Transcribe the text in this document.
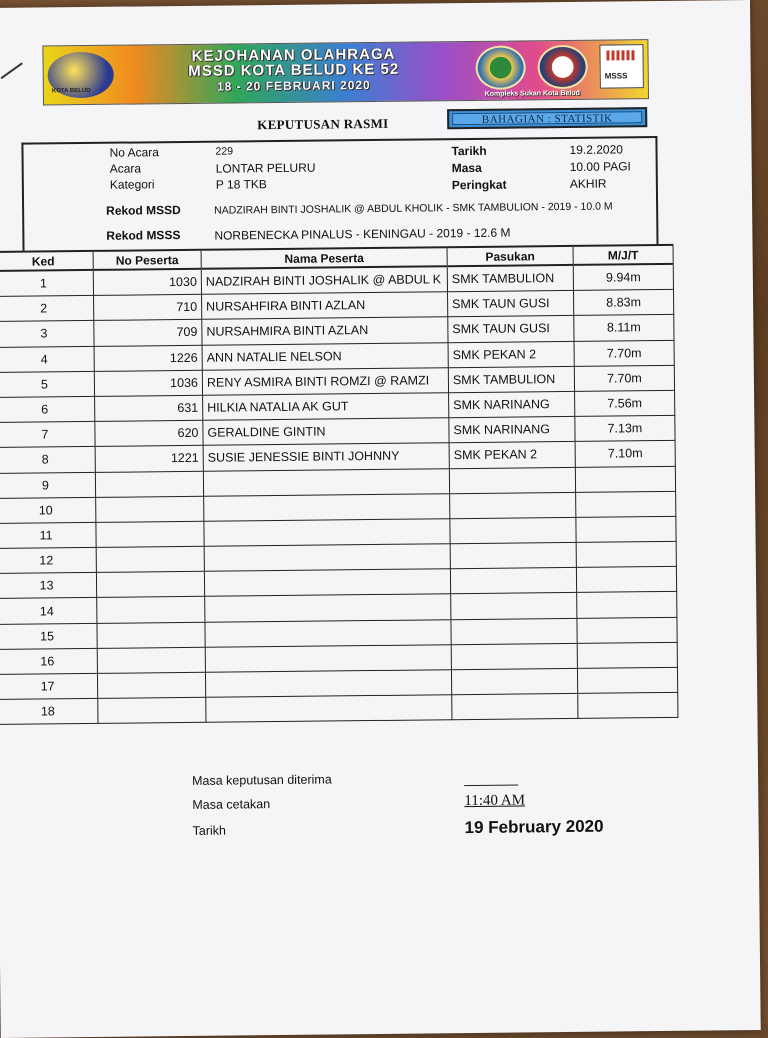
KOTA BELUD
KEJOHANAN OLAHRAGA
MSSD KOTA BELUD KE 52
18 - 20 FEBRUARI 2020
MSSS
Kompleks Sukan Kota Belud
KEPUTUSAN RASMI	BAHAGIAN : STATISTIK
No Acara	229
Acara	LONTAR PELURU
Kategori	P 18 TKB
Tarikh	19.2.2020
Masa	10.00 PAGI
Peringkat	AKHIR
Rekod MSSD	NADZIRAH BINTI JOSHALIK @ ABDUL KHOLIK - SMK TAMBULION - 2019 - 10.0 M
Rekod MSSS	NORBENECKA PINALUS - KENINGAU - 2019 - 12.6 M
Ked	No Peserta	Nama Peserta	Pasukan	M/J/T
1	1030	NADZIRAH BINTI JOSHALIK @ ABDUL K	SMK TAMBULION	9.94m
2	710	NURSAHFIRA BINTI AZLAN	SMK TAUN GUSI	8.83m
3	709	NURSAHMIRA BINTI AZLAN	SMK TAUN GUSI	8.11m
4	1226	ANN NATALIE NELSON	SMK PEKAN 2	7.70m
5	1036	RENY ASMIRA BINTI ROMZI @ RAMZI	SMK TAMBULION	7.70m
6	631	HILKIA NATALIA AK GUT	SMK NARINANG	7.56m
7	620	GERALDINE GINTIN	SMK NARINANG	7.13m
8	1221	SUSIE JENESSIE BINTI JOHNNY	SMK PEKAN 2	7.10m
9				
10				
11				
12				
13				
14				
15				
16				
17				
18				
Masa keputusan diterima
Masa cetakan	11:40 AM
Tarikh	19 February 2020
